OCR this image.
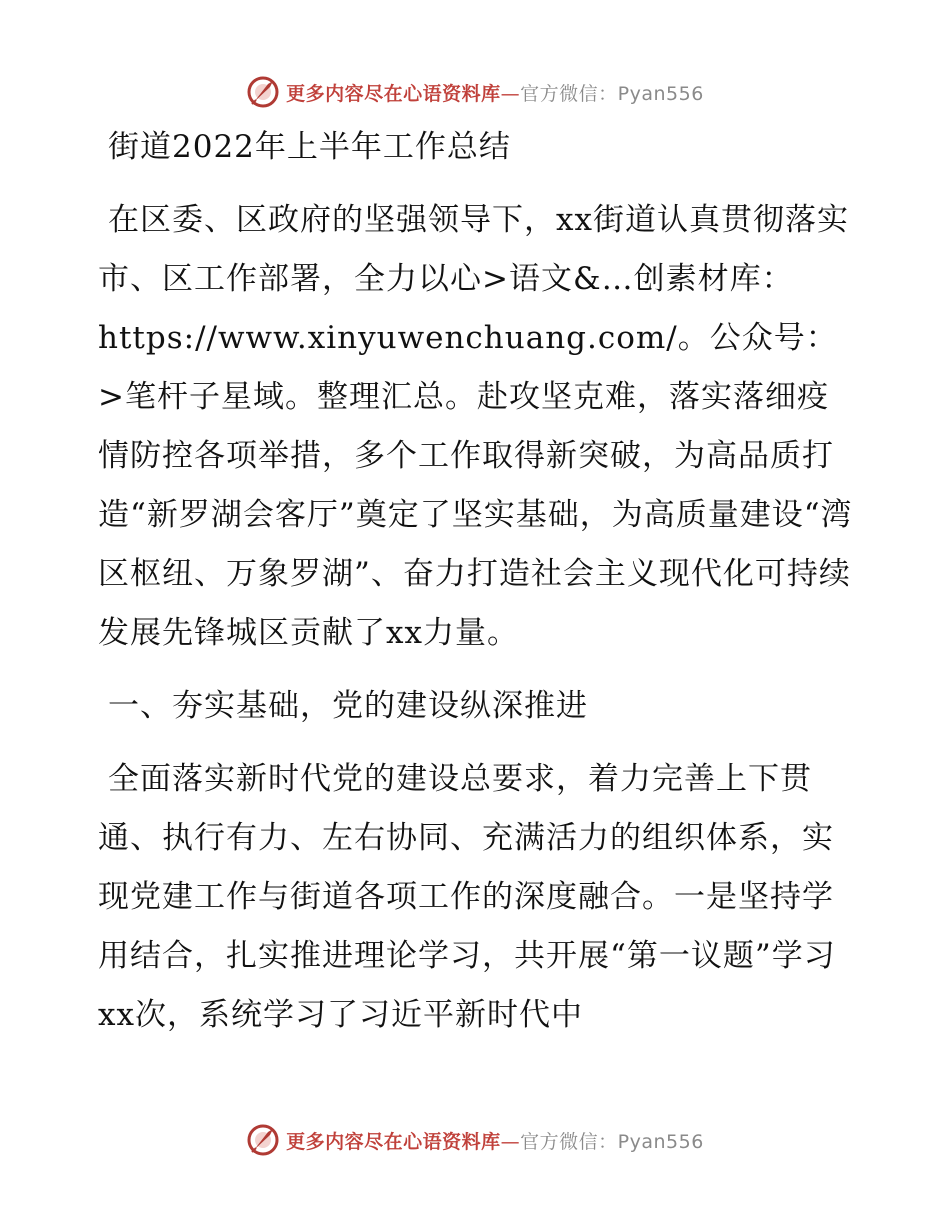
更多内容尽在心语资料库—官方微信：Pyan556

街道2022年上半年工作总结

在区委、区政府的坚强领导下，xx街道认真贯彻落实市、区工作部署，全力以心>语文&…创素材库：https://www.xinyuwenchuang.com/。公众号：>笔杆子星域。整理汇总。赴攻坚克难，落实落细疫情防控各项举措，多个工作取得新突破，为高品质打造“新罗湖会客厅”奠定了坚实基础，为高质量建设“湾区枢纽、万象罗湖”、奋力打造社会主义现代化可持续发展先锋城区贡献了xx力量。

一、夯实基础，党的建设纵深推进

全面落实新时代党的建设总要求，着力完善上下贯通、执行有力、左右协同、充满活力的组织体系，实现党建工作与街道各项工作的深度融合。一是坚持学用结合，扎实推进理论学习，共开展“第一议题”学习xx次，系统学习了习近平新时代中

更多内容尽在心语资料库—官方微信：Pyan556
